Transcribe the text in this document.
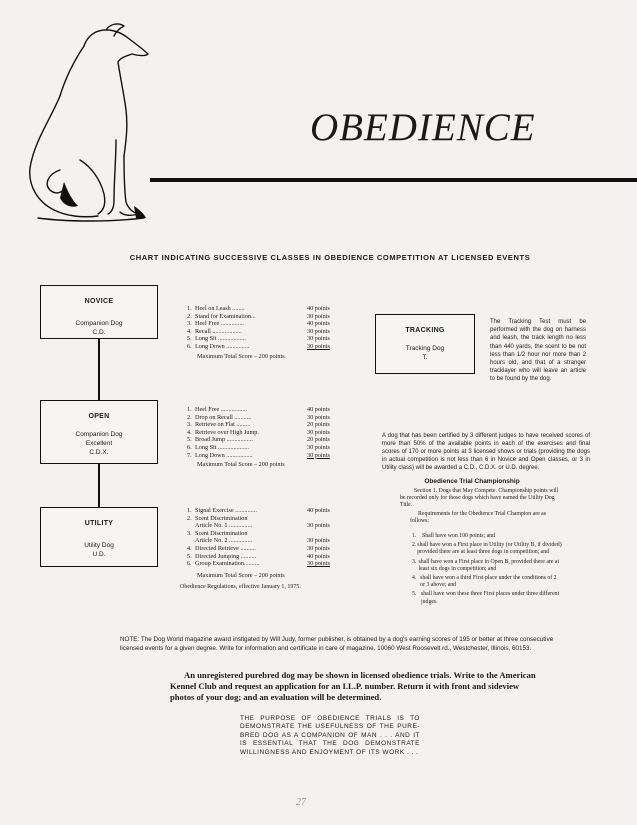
OBEDIENCE
CHART INDICATING SUCCESSIVE CLASSES IN OBEDIENCE COMPETITION AT LICENSED EVENTS
NOVICE
Companion Dog
C.D.
1. Heel on Leash ........	40 points
2. Stand for Examination...	30 points
3. Heel Free ...............	40 points
4. Recall ...................	30 points
5. Long Sit ..................	30 points
6. Long Down ...............	30 points
Maximum Total Score – 200 points
OPEN
Companion Dog
Excellent
C.D.X.
1. Heel Free .................	40 points
2. Drop on Recall ...........	30 points
3. Retrieve on Flat .........	20 points
4. Retrieve over High Jump.	30 points
5. Broad Jump .................	20 points
6. Long Sit ....................	30 points
7. Long Down .................	30 points
Maximum Total Score – 200 points
UTILITY
Utility Dog
U.D.
1. Signal Exercise ..............	40 points
2. Scent Discrimination
Article No. 1 ...............	30 points
3. Scent Discrimination
Article No. 2 ...............	30 points
4. Directed Retrieve ..........	30 points
5. Directed Jumping ..........	40 points
6. Group Examination..........	30 points
Maximum Total Score – 200 points
Obedience Regulations, effective January 1, 1975.
TRACKING
Tracking Dog
T.
The Tracking Test must be performed with the dog on harness and leash, the track length no less than 440 yards, the scent to be not less than 1/2 hour nor more than 2 hours old, and that of a stranger tracklayer who will leave an article to be found by the dog.
A dog that has been certified by 3 different judges to have received scores of more than 50% of the available points in each of the exercises and final scores of 170 or more points at 3 licensed shows or trials (providing the dogs in actual competition is not less than 6 in Novice and Open classes, or 3 in Utility class) will be awarded a C.D., C.D.X. or U.D. degree.
Obedience Trial Championship
Section 1. Dogs that May Compete. Championship points will be recorded only for those dogs which have earned the Utility Dog Title.
Requirements for the Obedience Trial Champion are as follows:
1. Shall have won 100 points; and
2. shall have won a First place in Utility (or Utility B, if divided) provided there are at least three dogs in competition; and
3. shall have won a First place in Open B, provided there are at least six dogs in competition; and
4. shall have won a third First place under the conditions of 2 or 3 above; and
5. shall have won these three First places under three different judges.
NOTE: The Dog World magazine award instigated by Will Judy, former publisher, is obtained by a dog's earning scores of 195 or better at three consecutive licensed events for a given degree. Write for information and certificate in care of magazine, 10060 West Roosevelt rd., Westchester, Illinois, 60153.
An unregistered purebred dog may be shown in licensed obedience trials. Write to the American Kennel Club and request an application for an I.L.P. number. Return it with front and sideview photos of your dog; and an evaluation will be determined.
THE PURPOSE OF OBEDIENCE TRIALS IS TO DEMONSTRATE THE USEFULNESS OF THE PURE-BRED DOG AS A COMPANION OF MAN . . . AND IT IS ESSENTIAL THAT THE DOG DEMONSTRATE WILLINGNESS AND ENJOYMENT OF ITS WORK . . .
27
